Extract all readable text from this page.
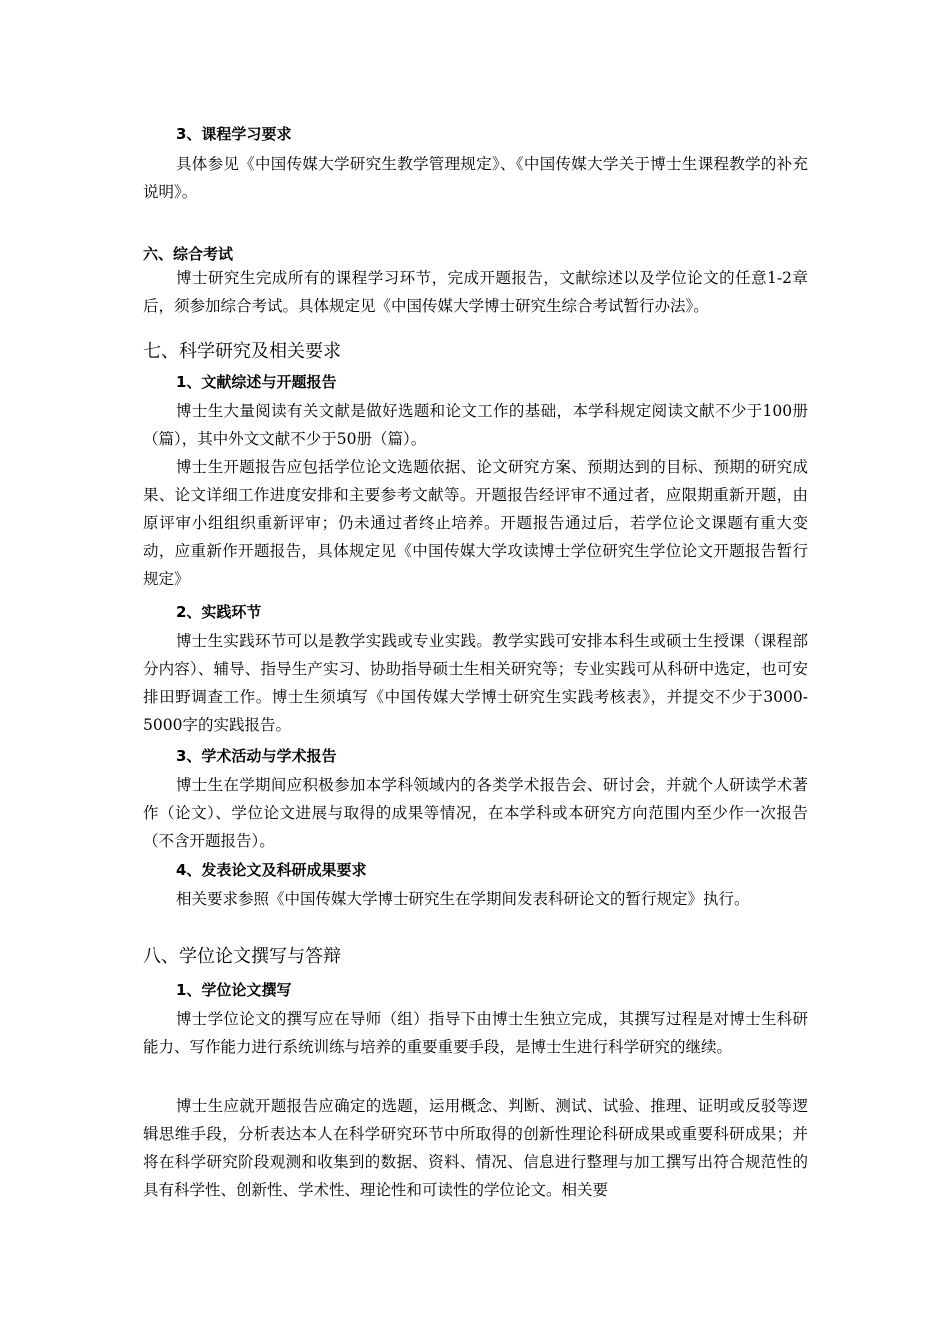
3、课程学习要求

具体参见《中国传媒大学研究生教学管理规定》、《中国传媒大学关于博士生课程教学的补充说明》。

六、综合考试

博士研究生完成所有的课程学习环节，完成开题报告，文献综述以及学位论文的任意1-2章后，须参加综合考试。具体规定见《中国传媒大学博士研究生综合考试暂行办法》。

七、科学研究及相关要求
1、文献综述与开题报告

博士生大量阅读有关文献是做好选题和论文工作的基础，本学科规定阅读文献不少于100册（篇），其中外文文献不少于50册（篇）。

博士生开题报告应包括学位论文选题依据、论文研究方案、预期达到的目标、预期的研究成果、论文详细工作进度安排和主要参考文献等。开题报告经评审不通过者，应限期重新开题，由原评审小组组织重新评审；仍未通过者终止培养。开题报告通过后，若学位论文课题有重大变动，应重新作开题报告，具体规定见《中国传媒大学攻读博士学位研究生学位论文开题报告暂行规定》

2、实践环节

博士生实践环节可以是教学实践或专业实践。教学实践可安排本科生或硕士生授课（课程部分内容）、辅导、指导生产实习、协助指导硕士生相关研究等；专业实践可从科研中选定，也可安排田野调查工作。博士生须填写《中国传媒大学博士研究生实践考核表》，并提交不少于3000-5000字的实践报告。

3、学术活动与学术报告

博士生在学期间应积极参加本学科领域内的各类学术报告会、研讨会，并就个人研读学术著作（论文）、学位论文进展与取得的成果等情况，在本学科或本研究方向范围内至少作一次报告（不含开题报告）。

4、发表论文及科研成果要求

相关要求参照《中国传媒大学博士研究生在学期间发表科研论文的暂行规定》执行。

八、学位论文撰写与答辩
1、学位论文撰写

博士学位论文的撰写应在导师（组）指导下由博士生独立完成，其撰写过程是对博士生科研能力、写作能力进行系统训练与培养的重要重要手段，是博士生进行科学研究的继续。

博士生应就开题报告应确定的选题，运用概念、判断、测试、试验、推理、证明或反驳等逻辑思维手段，分析表达本人在科学研究环节中所取得的创新性理论科研成果或重要科研成果；并将在科学研究阶段观测和收集到的数据、资料、情况、信息进行整理与加工撰写出符合规范性的具有科学性、创新性、学术性、理论性和可读性的学位论文。相关要
